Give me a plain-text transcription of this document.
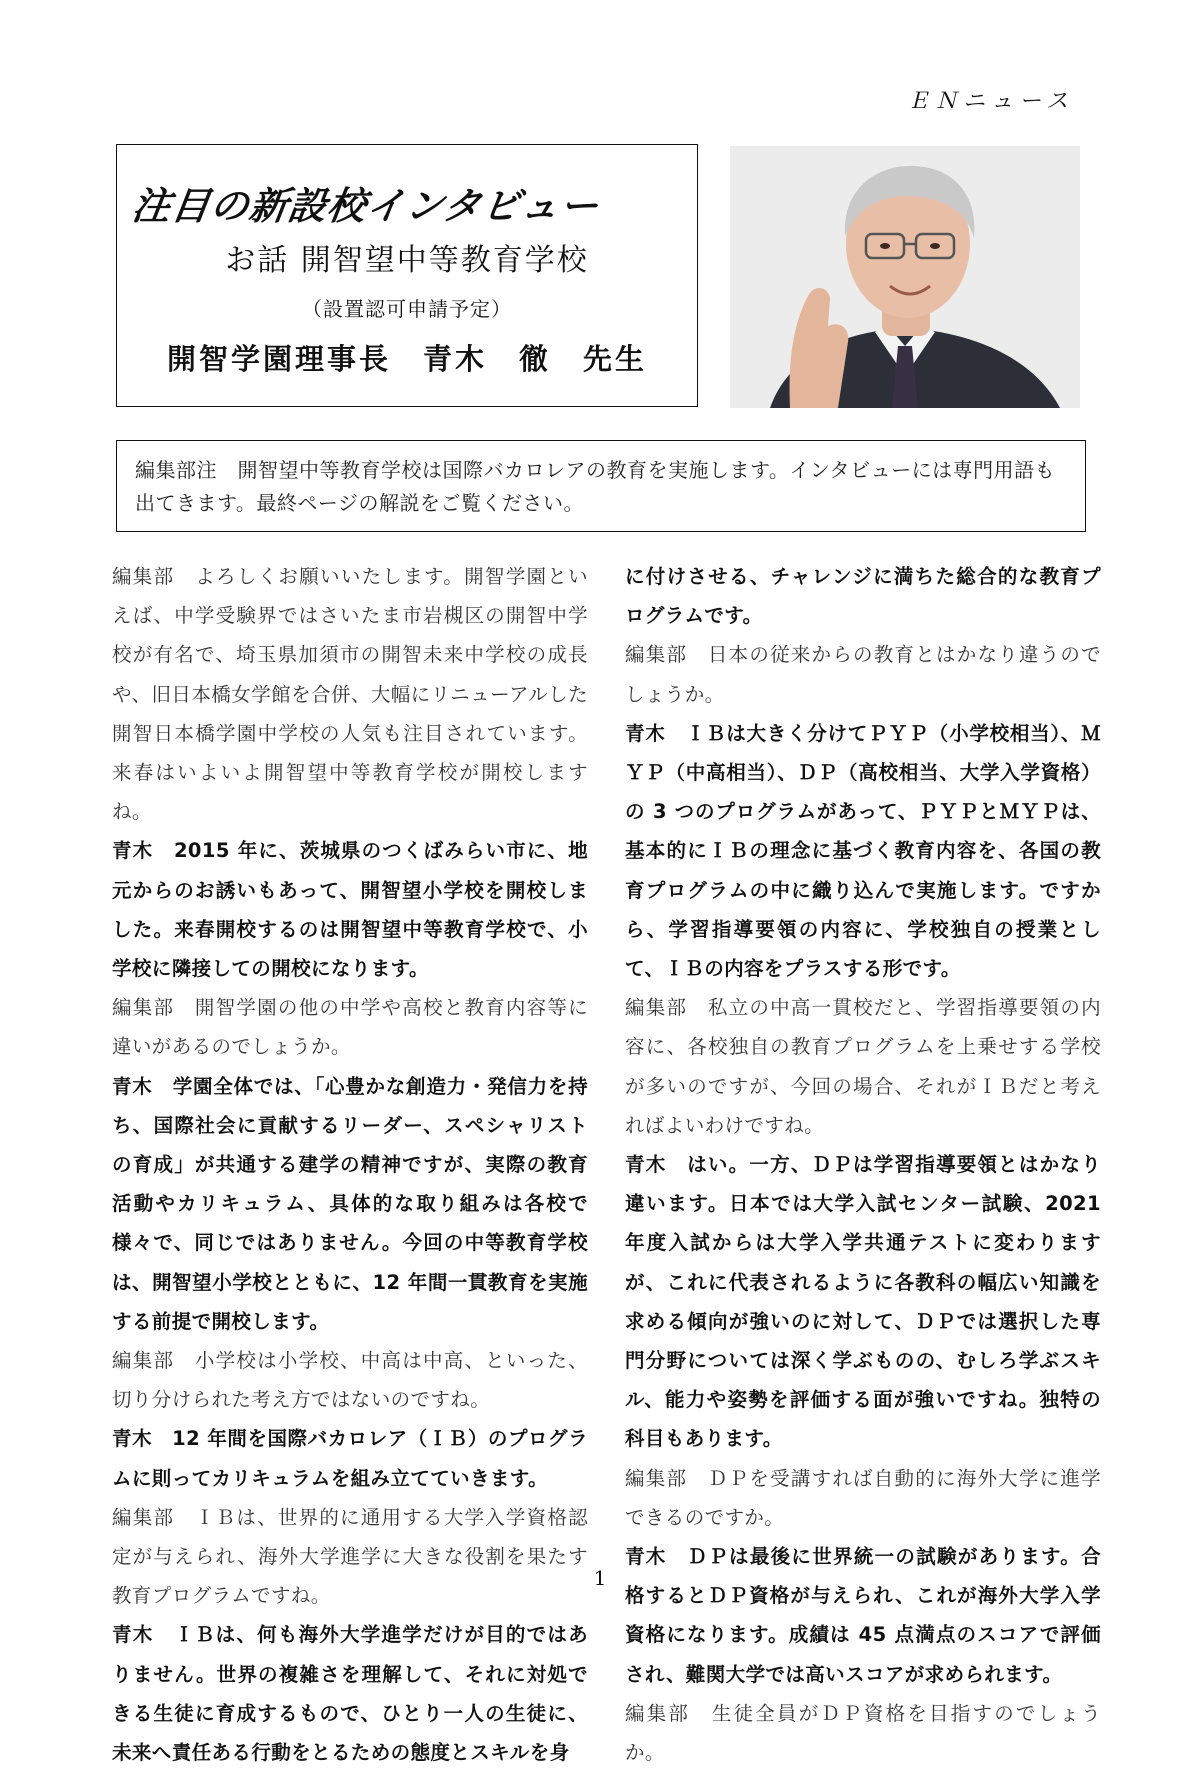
ＥＮニュース
注目の新設校インタビュー
お話 開智望中等教育学校
（設置認可申請予定）
開智学園理事長　青木　徹　先生
編集部注　開智望中等教育学校は国際バカロレアの教育を実施します。インタビューには専門用語も出てきます。最終ページの解説をご覧ください。

編集部　よろしくお願いいたします。開智学園といえば、中学受験界ではさいたま市岩槻区の開智中学校が有名で、埼玉県加須市の開智未来中学校の成長や、旧日本橋女学館を合併、大幅にリニューアルした開智日本橋学園中学校の人気も注目されています。来春はいよいよ開智望中等教育学校が開校しますね。

青木　2015 年に、茨城県のつくばみらい市に、地元からのお誘いもあって、開智望小学校を開校しました。来春開校するのは開智望中等教育学校で、小学校に隣接しての開校になります。

編集部　開智学園の他の中学や高校と教育内容等に違いがあるのでしょうか。

青木　学園全体では、「心豊かな創造力・発信力を持ち、国際社会に貢献するリーダー、スペシャリストの育成」が共通する建学の精神ですが、実際の教育活動やカリキュラム、具体的な取り組みは各校で様々で、同じではありません。今回の中等教育学校は、開智望小学校とともに、12 年間一貫教育を実施する前提で開校します。

編集部　小学校は小学校、中高は中高、といった、切り分けられた考え方ではないのですね。

青木　12 年間を国際バカロレア（ＩＢ）のプログラムに則ってカリキュラムを組み立てていきます。

編集部　ＩＢは、世界的に通用する大学入学資格認定が与えられ、海外大学進学に大きな役割を果たす教育プログラムですね。

青木　ＩＢは、何も海外大学進学だけが目的ではありません。世界の複雑さを理解して、それに対処できる生徒に育成するもので、ひとり一人の生徒に、未来へ責任ある行動をとるための態度とスキルを身

に付けさせる、チャレンジに満ちた総合的な教育プログラムです。

編集部　日本の従来からの教育とはかなり違うのでしょうか。

青木　ＩＢは大きく分けてＰＹＰ（小学校相当）、ＭＹＰ（中高相当）、ＤＰ（高校相当、大学入学資格）の 3 つのプログラムがあって、ＰＹＰとＭＹＰは、基本的にＩＢの理念に基づく教育内容を、各国の教育プログラムの中に織り込んで実施します。ですから、学習指導要領の内容に、学校独自の授業として、ＩＢの内容をプラスする形です。

編集部　私立の中高一貫校だと、学習指導要領の内容に、各校独自の教育プログラムを上乗せする学校が多いのですが、今回の場合、それがＩＢだと考えればよいわけですね。

青木　はい。一方、ＤＰは学習指導要領とはかなり違います。日本では大学入試センター試験、2021 年度入試からは大学入学共通テストに変わりますが、これに代表されるように各教科の幅広い知識を求める傾向が強いのに対して、ＤＰでは選択した専門分野については深く学ぶものの、むしろ学ぶスキル、能力や姿勢を評価する面が強いですね。独特の科目もあります。

編集部　ＤＰを受講すれば自動的に海外大学に進学できるのですか。

青木　ＤＰは最後に世界統一の試験があります。合格するとＤＰ資格が与えられ、これが海外大学入学資格になります。成績は 45 点満点のスコアで評価され、難関大学では高いスコアが求められます。

編集部　生徒全員がＤＰ資格を目指すのでしょうか。

1
